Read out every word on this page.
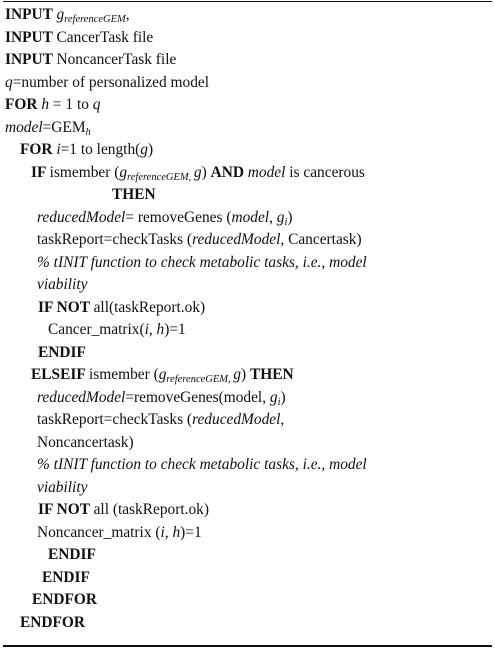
INPUT $g_{referenceGEM}$,
INPUT CancerTask file
INPUT NoncancerTask file
q=number of personalized model
FOR h = 1 to q
$model=GEM_h$
FOR i=1 to length(g)
IF ismember ($g_{referenceGEM,}$ g) AND model is cancerous
THEN
reducedModel= removeGenes (model, $g_i$)
taskReport=checkTasks (reducedModel, Cancertask)
% tINIT function to check metabolic tasks, i.e., model
viability
IF NOT all(taskReport.ok)
Cancer_matrix(i, h)=1
ENDIF
ELSEIF ismember ($g_{referenceGEM,}$ g) THEN
reducedModel=removeGenes(model, $g_i$)
taskReport=checkTasks (reducedModel,
Noncancertask)
% tINIT function to check metabolic tasks, i.e., model
viability
IF NOT all (taskReport.ok)
Noncancer_matrix (i, h)=1
ENDIF
ENDIF
ENDFOR
ENDFOR
